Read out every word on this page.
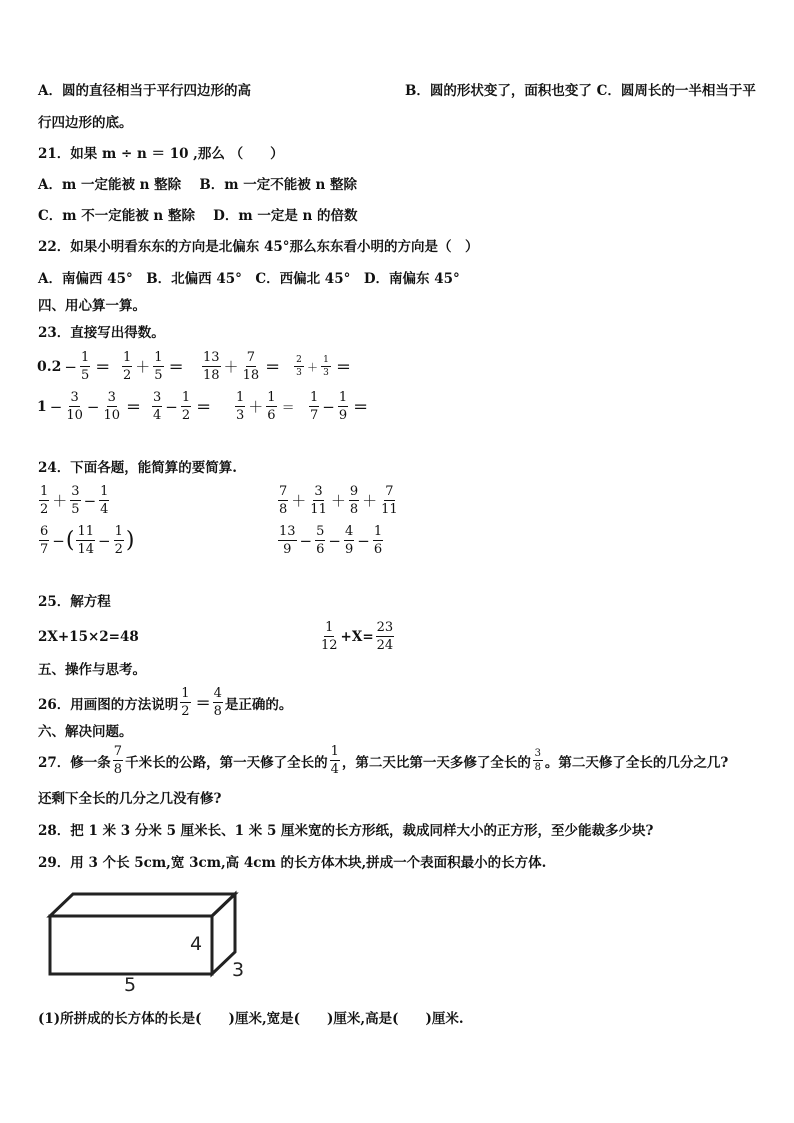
A．圆的直径相当于平行四边形的高	B．圆的形状变了，面积也变了 C．圆周长的一半相当于平
行四边形的底。
21．如果 m ÷ n ＝ 10 ,那么 （　　）
A．m 一定能被 n 整除　 B．m 一定不能被 n 整除
C．m 不一定能被 n 整除　 D．m 一定是 n 的倍数
22．如果小明看东东的方向是北偏东 45°那么东东看小明的方向是（　）
A．南偏西 45°　B．北偏西 45°　C．西偏北 45°　D．南偏东 45°
四、用心算一算。
23．直接写出得数。
$0.2 - \frac{1}{5} = \frac{1}{2} + \frac{1}{5} = \frac{13}{18} + \frac{7}{18} = \frac{2}{3} + \frac{1}{3}$ ＝
$1 - \frac{3}{10} - \frac{3}{10} = \frac{3}{4} - \frac{1}{2} = \frac{1}{3} + \frac{1}{6} = \frac{1}{7} - \frac{1}{9}$ ＝
24．下面各题，能简算的要简算.
$\frac{1}{2} + \frac{3}{5} - \frac{1}{4}$	$\frac{7}{8} + \frac{3}{11} + \frac{9}{8} + \frac{7}{11}$
$\frac{6}{7}$ − ( $\frac{11}{14} - \frac{1}{2}$ )	$\frac{13}{9} - \frac{5}{6} - \frac{4}{9} - \frac{1}{6}$
25．解方程
2X+15×2=48	$\frac{1}{12} +X= \frac{23}{24}$
五、操作与思考。
26．用画图的方法说明 $\frac{1}{2} = \frac{4}{8}$ 是正确的。
六、解决问题。
27．修一条 $\frac{7}{8}$ 千米长的公路，第一天修了全长的 $\frac{1}{4}$ ，第二天比第一天多修了全长的 $\frac{3}{8}$ 。第二天修了全长的几分之几?
还剩下全长的几分之几没有修?
28．把 1 米 3 分米 5 厘米长、1 米 5 厘米宽的长方形纸，裁成同样大小的正方形，至少能裁多少块?
29．用 3 个长 5cm,宽 3cm,高 4cm 的长方体木块,拼成一个表面积最小的长方体.
4
3
5
(1)所拼成的长方体的长是(　　)厘米,宽是(　　)厘米,高是(　　)厘米.
